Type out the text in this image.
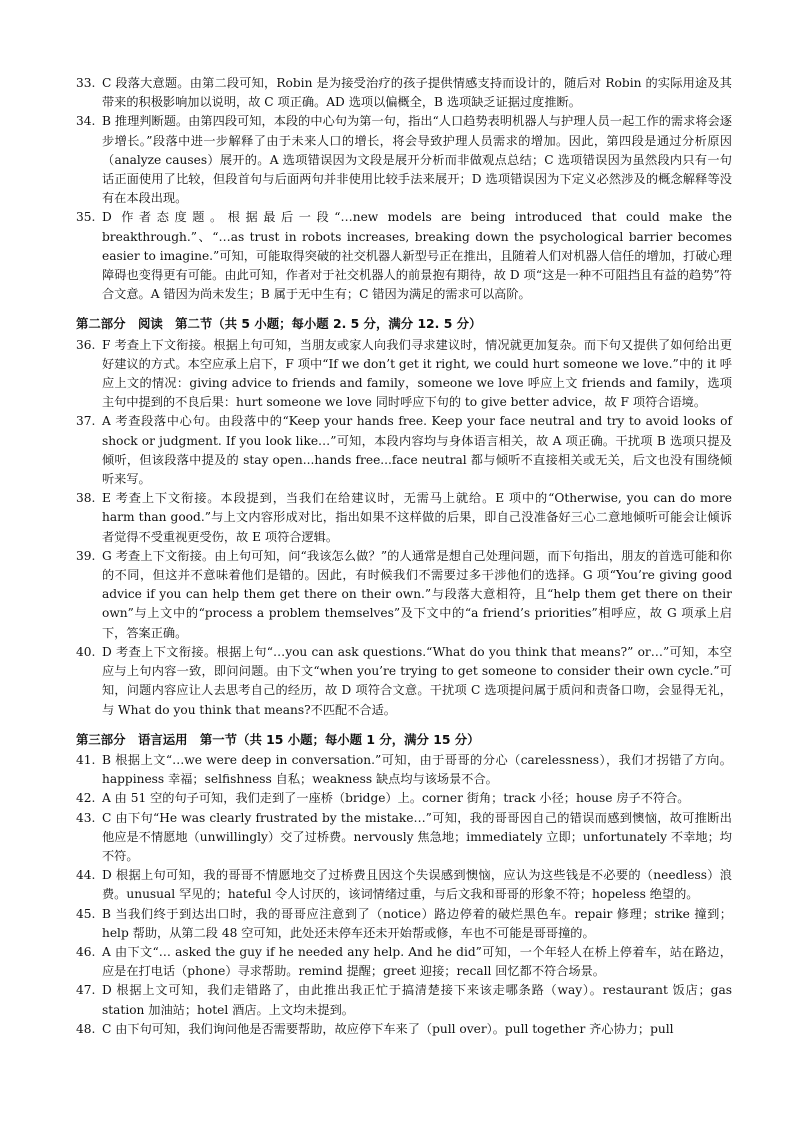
33. C 段落大意题。由第二段可知，Robin 是为接受治疗的孩子提供情感支持而设计的，随后对 Robin 的实际用途及其带来的积极影响加以说明，故 C 项正确。AD 选项以偏概全，B 选项缺乏证据过度推断。

34. B 推理判断题。由第四段可知，本段的中心句为第一句，指出“人口趋势表明机器人与护理人员一起工作的需求将会逐步增长。”段落中进一步解释了由于未来人口的增长，将会导致护理人员需求的增加。因此，第四段是通过分析原因（analyze causes）展开的。A 选项错误因为文段是展开分析而非做观点总结；C 选项错误因为虽然段内只有一句话正面使用了比较，但段首句与后面两句并非使用比较手法来展开；D 选项错误因为下定义必然涉及的概念解释等没有在本段出现。

35. D 作者态度题。根据最后一段“…new models are being introduced that could make the breakthrough.”、“…as trust in robots increases, breaking down the psychological barrier becomes easier to imagine.”可知，可能取得突破的社交机器人新型号正在推出，且随着人们对机器人信任的增加，打破心理障碍也变得更有可能。由此可知，作者对于社交机器人的前景抱有期待，故 D 项“这是一种不可阻挡且有益的趋势”符合文意。A 错因为尚未发生；B 属于无中生有；C 错因为满足的需求可以高阶。

第二部分　阅读　第二节（共 5 小题；每小题 2. 5 分，满分 12. 5 分）
36. F 考查上下文衔接。根据上句可知，当朋友或家人向我们寻求建议时，情况就更加复杂。而下句又提供了如何给出更好建议的方式。本空应承上启下，F 项中“If we don’t get it right, we could hurt someone we love.”中的 it 呼应上文的情况：giving advice to friends and family，someone we love 呼应上文 friends and family，选项主句中提到的不良后果：hurt someone we love 同时呼应下句的 to give better advice，故 F 项符合语境。

37. A 考查段落中心句。由段落中的“Keep your hands free. Keep your face neutral and try to avoid looks of shock or judgment. If you look like…”可知，本段内容均与身体语言相关，故 A 项正确。干扰项 B 选项只提及倾听，但该段落中提及的 stay open...hands free...face neutral 都与倾听不直接相关或无关，后文也没有围绕倾听来写。

38. E 考查上下文衔接。本段提到，当我们在给建议时，无需马上就给。E 项中的“Otherwise, you can do more harm than good.”与上文内容形成对比，指出如果不这样做的后果，即自己没准备好三心二意地倾听可能会让倾诉者觉得不受重视更受伤，故 E 项符合逻辑。

39. G 考查上下文衔接。由上句可知，问“我该怎么做？”的人通常是想自己处理问题，而下句指出，朋友的首选可能和你的不同，但这并不意味着他们是错的。因此，有时候我们不需要过多干涉他们的选择。G 项“You’re giving good advice if you can help them get there on their own.”与段落大意相符，且“help them get there on their own”与上文中的“process a problem themselves”及下文中的“a friend’s priorities”相呼应，故 G 项承上启下，答案正确。

40. D 考查上下文衔接。根据上句“…you can ask questions.“What do you think that means?” or…”可知，本空应与上句内容一致，即问问题。由下文“when you’re trying to get someone to consider their own cycle.”可知，问题内容应让人去思考自己的经历，故 D 项符合文意。干扰项 C 选项提问属于质问和责备口吻，会显得无礼，与 What do you think that means?不匹配不合适。

第三部分　语言运用　第一节（共 15 小题；每小题 1 分，满分 15 分）
41. B 根据上文“…we were deep in conversation.”可知，由于哥哥的分心（carelessness），我们才拐错了方向。happiness 幸福；selfishness 自私；weakness 缺点均与该场景不合。

42. A 由 51 空的句子可知，我们走到了一座桥（bridge）上。corner 街角；track 小径；house 房子不符合。

43. C 由下句“He was clearly frustrated by the mistake…”可知，我的哥哥因自己的错误而感到懊恼，故可推断出他应是不情愿地（unwillingly）交了过桥费。nervously 焦急地；immediately 立即；unfortunately 不幸地；均不符。

44. D 根据上句可知，我的哥哥不情愿地交了过桥费且因这个失误感到懊恼，应认为这些钱是不必要的（needless）浪费。unusual 罕见的；hateful 令人讨厌的，该词情绪过重，与后文我和哥哥的形象不符；hopeless 绝望的。

45. B 当我们终于到达出口时，我的哥哥应注意到了（notice）路边停着的破烂黑色车。repair 修理；strike 撞到；help 帮助，从第二段 48 空可知，此处还未停车还未开始帮或修，车也不可能是哥哥撞的。

46. A 由下文“… asked the guy if he needed any help. And he did”可知，一个年轻人在桥上停着车，站在路边，应是在打电话（phone）寻求帮助。remind 提醒；greet 迎接；recall 回忆都不符合场景。

47. D 根据上文可知，我们走错路了，由此推出我正忙于搞清楚接下来该走哪条路（way）。restaurant 饭店；gas station 加油站；hotel 酒店。上文均未提到。

48. C 由下句可知，我们询问他是否需要帮助，故应停下车来了（pull over）。pull together 齐心协力；pull
